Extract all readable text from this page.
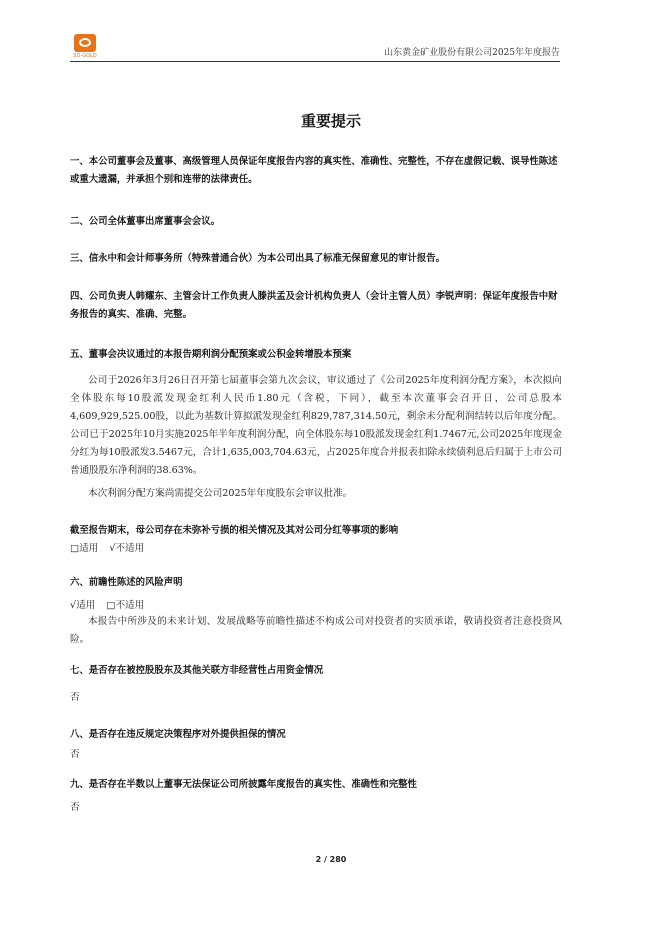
SD-GOLD	山东黄金矿业股份有限公司2025年年度报告
重要提示
一、本公司董事会及董事、高级管理人员保证年度报告内容的真实性、准确性、完整性，不存在虚假记载、误导性陈述或重大遗漏，并承担个别和连带的法律责任。
二、公司全体董事出席董事会会议。
三、信永中和会计师事务所（特殊普通合伙）为本公司出具了标准无保留意见的审计报告。
四、公司负责人韩耀东、主管会计工作负责人滕洪孟及会计机构负责人（会计主管人员）李锐声明：保证年度报告中财务报告的真实、准确、完整。
五、董事会决议通过的本报告期利润分配预案或公积金转增股本预案
公司于2026年3月26日召开第七届董事会第九次会议，审议通过了《公司2025年度利润分配方案》，本次拟向全体股东每10股派发现金红利人民币1.80元（含税，下同），截至本次董事会召开日，公司总股本4,609,929,525.00股，以此为基数计算拟派发现金红利829,787,314.50元，剩余未分配利润结转以后年度分配。公司已于2025年10月实施2025年半年度利润分配，向全体股东每10股派发现金红利1.7467元,公司2025年度现金分红为每10股派发3.5467元，合计1,635,003,704.63元，占2025年度合并报表扣除永续债利息后归属于上市公司普通股股东净利润的38.63%。
本次利润分配方案尚需提交公司2025年年度股东会审议批准。
截至报告期末，母公司存在未弥补亏损的相关情况及其对公司分红等事项的影响
□适用 √不适用
六、前瞻性陈述的风险声明
√适用 □不适用
本报告中所涉及的未来计划、发展战略等前瞻性描述不构成公司对投资者的实质承诺，敬请投资者注意投资风险。
七、是否存在被控股股东及其他关联方非经营性占用资金情况
否
八、是否存在违反规定决策程序对外提供担保的情况
否
九、是否存在半数以上董事无法保证公司所披露年度报告的真实性、准确性和完整性
否
2 / 280
